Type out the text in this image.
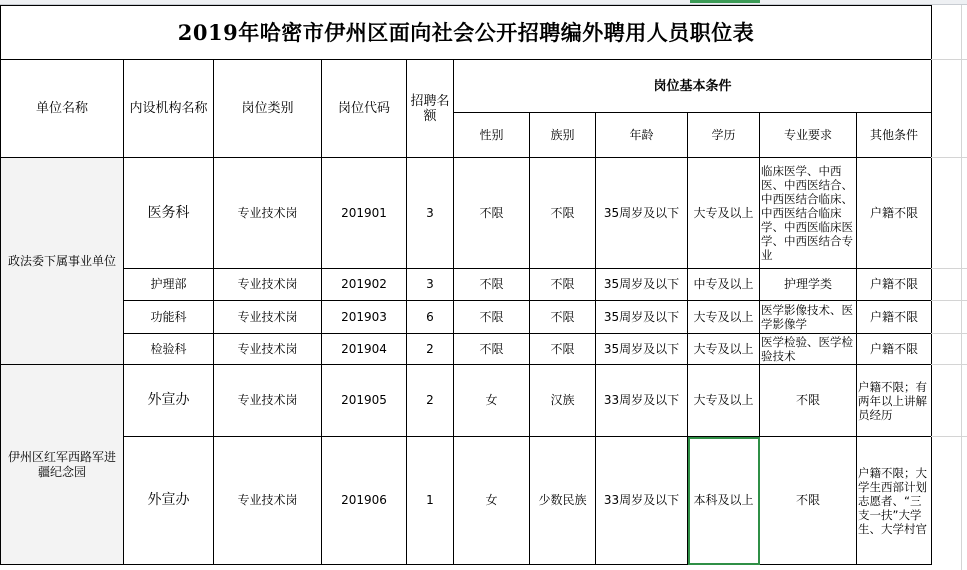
2019年哈密市伊州区面向社会公开招聘编外聘用人员职位表										
单位名称	内设机构名称	岗位类别	岗位代码	招聘名额	岗位基本条件					
					性别	族别	年龄	学历	专业要求	其他条件
政法委下属事业单位	医务科	专业技术岗	201901	3	不限	不限	35周岁及以下	大专及以上	临床医学、中西医、中西医结合、中西医结合临床、中西医结合临床学、中西医临床医学、中西医结合专业	户籍不限
	护理部	专业技术岗	201902	3	不限	不限	35周岁及以下	中专及以上	护理学类	户籍不限
	功能科	专业技术岗	201903	6	不限	不限	35周岁及以下	大专及以上	医学影像技术、医学影像学	户籍不限
	检验科	专业技术岗	201904	2	不限	不限	35周岁及以下	大专及以上	医学检验、医学检验技术	户籍不限
伊州区红军西路军进疆纪念园	外宣办	专业技术岗	201905	2	女	汉族	33周岁及以下	大专及以上	不限	户籍不限；有两年以上讲解员经历
	外宣办	专业技术岗	201906	1	女	少数民族	33周岁及以下	本科及以上	不限	户籍不限；大学生西部计划志愿者、“三支一扶”大学生、大学村官
